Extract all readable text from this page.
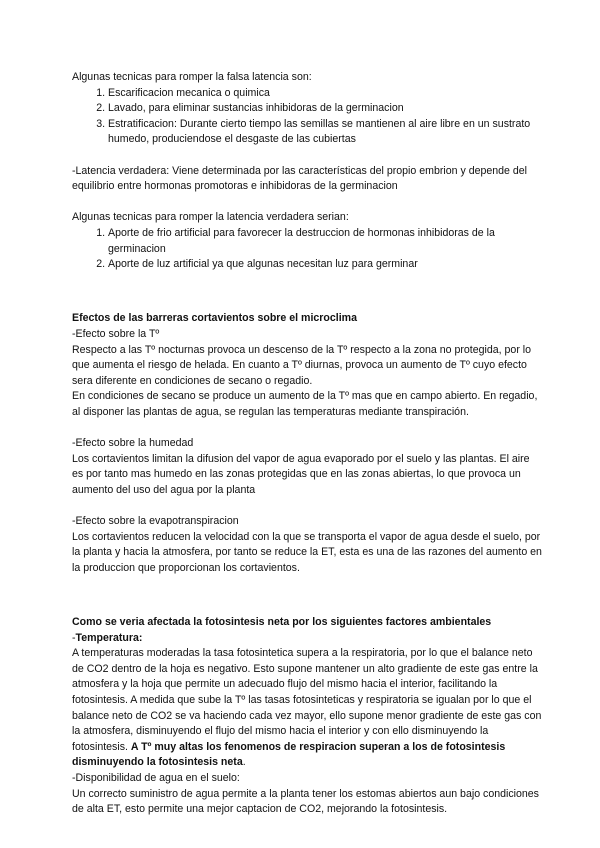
Algunas tecnicas para romper la falsa latencia son:

1. Escarificacion mecanica o quimica
2. Lavado, para eliminar sustancias inhibidoras de la germinacion
3. Estratificacion: Durante cierto tiempo las semillas se mantienen al aire libre en un sustrato humedo, produciendose el desgaste de las cubiertas

-Latencia verdadera: Viene determinada por las características del propio embrion y depende del equilibrio entre hormonas promotoras e inhibidoras de la germinacion

Algunas tecnicas para romper la latencia verdadera serian:

1. Aporte de frio artificial para favorecer la destruccion de hormonas inhibidoras de la germinacion
2. Aporte de luz artificial ya que algunas necesitan luz para germinar

Efectos de las barreras cortavientos sobre el microclima

-Efecto sobre la Tº

Respecto a las Tº nocturnas provoca un descenso de la Tº respecto a la zona no protegida, por lo que aumenta el riesgo de helada. En cuanto a Tº diurnas, provoca un aumento de Tº cuyo efecto sera diferente en condiciones de secano o regadio.

En condiciones de secano se produce un aumento de la Tº mas que en campo abierto. En regadio, al disponer las plantas de agua, se regulan las temperaturas mediante transpiración.

-Efecto sobre la humedad

Los cortavientos limitan la difusion del vapor de agua evaporado por el suelo y las plantas. El aire es por tanto mas humedo en las zonas protegidas que en las zonas abiertas, lo que provoca un aumento del uso del agua por la planta

-Efecto sobre la evapotranspiracion

Los cortavientos reducen la velocidad con la que se transporta el vapor de agua desde el suelo, por la planta y hacia la atmosfera, por tanto se reduce la ET, esta es una de las razones del aumento en la produccion que proporcionan los cortavientos.

Como se veria afectada la fotosintesis neta por los siguientes factores ambientales

-Temperatura:

A temperaturas moderadas la tasa fotosintetica supera a la respiratoria, por lo que el balance neto de CO2 dentro de la hoja es negativo. Esto supone mantener un alto gradiente de este gas entre la atmosfera y la hoja que permite un adecuado flujo del mismo hacia el interior, facilitando la fotosintesis. A medida que sube la Tº las tasas fotosinteticas y respiratoria se igualan por lo que el balance neto de CO2 se va haciendo cada vez mayor, ello supone menor gradiente de este gas con la atmosfera, disminuyendo el flujo del mismo hacia el interior y con ello disminuyendo la fotosintesis. A Tº muy altas los fenomenos de respiracion superan a los de fotosintesis disminuyendo la fotosintesis neta.

-Disponibilidad de agua en el suelo:

Un correcto suministro de agua permite a la planta tener los estomas abiertos aun bajo condiciones de alta ET, esto permite una mejor captacion de CO2, mejorando la fotosintesis.
